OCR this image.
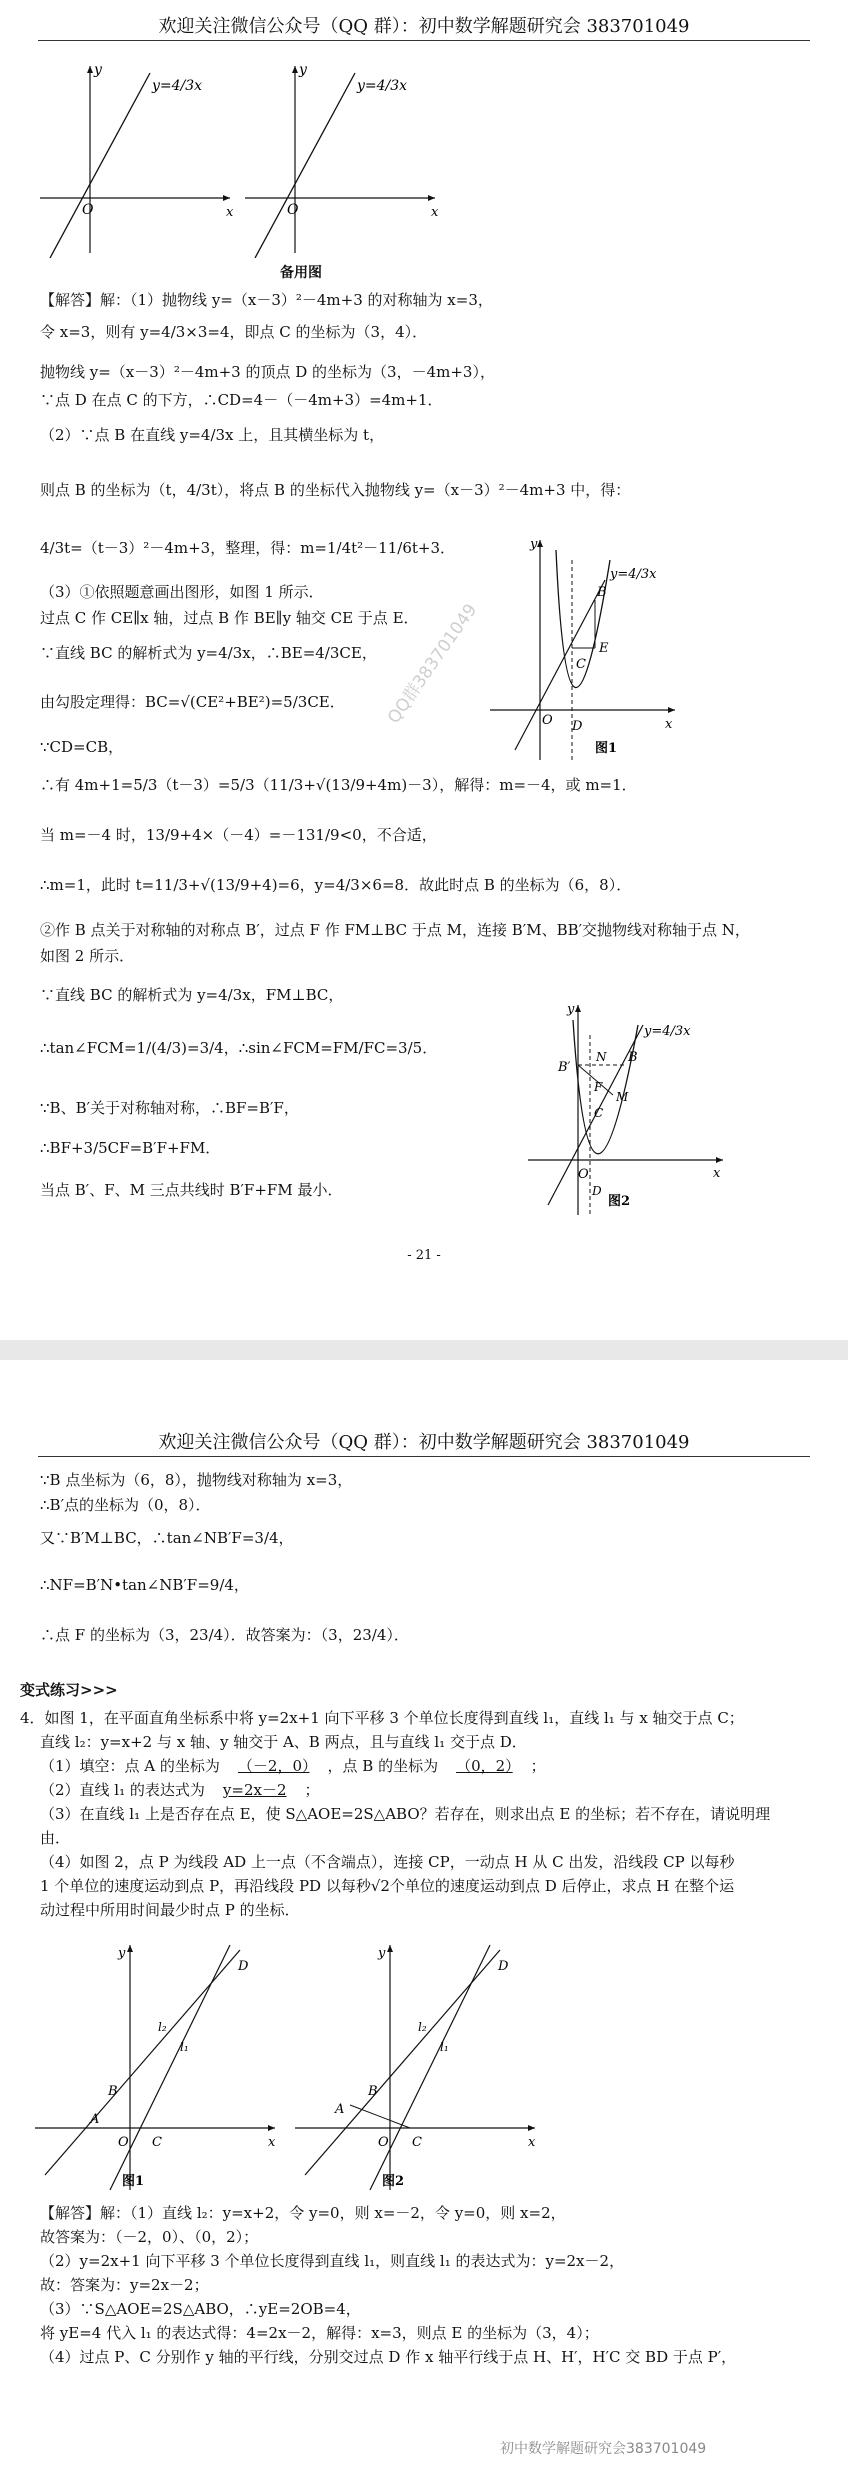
欢迎关注微信公众号（QQ 群）：初中数学解题研究会 383701049
y
O	x
y=4/3x
y
O	x
y=4/3x
备用图
【解答】解：（1）抛物线 y=（x－3）²－4m+3 的对称轴为 x=3，
令 x=3，则有 y=4/3×3=4，即点 C 的坐标为（3，4）．
抛物线 y=（x－3）²－4m+3 的顶点 D 的坐标为（3，－4m+3），
∵点 D 在点 C 的下方，∴CD=4－（－4m+3）=4m+1．
（2）∵点 B 在直线 y=4/3x 上，且其横坐标为 t，
则点 B 的坐标为（t，4/3t），将点 B 的坐标代入抛物线 y=（x－3）²－4m+3 中，得：
4/3t=（t－3）²－4m+3，整理，得：m=1/4t²－11/6t+3．
（3）①依照题意画出图形，如图 1 所示．
过点 C 作 CE∥x 轴，过点 B 作 BE∥y 轴交 CE 于点 E．
∵直线 BC 的解析式为 y=4/3x，∴BE=4/3CE，
由勾股定理得：BC=√(CE²+BE²)=5/3CE．
∵CD=CB，
∴有 4m+1=5/3（t－3）=5/3（11/3+√(13/9+4m)－3），解得：m=－4，或 m=1．
当 m=－4 时，13/9+4×（－4）=－131/9<0，不合适，
∴m=1，此时 t=11/3+√(13/9+4)=6，y=4/3×6=8．故此时点 B 的坐标为（6，8）．
②作 B 点关于对称轴的对称点 B′，过点 F 作 FM⊥BC 于点 M，连接 B′M、BB′交抛物线对称轴于点 N，
如图 2 所示．
∵直线 BC 的解析式为 y=4/3x，FM⊥BC，
∴tan∠FCM=1/(4/3)=3/4，∴sin∠FCM=FM/FC=3/5．
∵B、B′关于对称轴对称，∴BF=B′F，
∴BF+3/5CF=B′F+FM．
当点 B′、F、M 三点共线时 B′F+FM 最小．
y
x
O
C
E
B
D
y=4/3x
图1
y
x
O
B′
N B
M
F
C
D
y=4/3x
图2
QQ群383701049
- 21 -
欢迎关注微信公众号（QQ 群）：初中数学解题研究会 383701049
∵B 点坐标为（6，8），抛物线对称轴为 x=3，
∴B′点的坐标为（0，8）．
又∵B′M⊥BC，∴tan∠NB′F=3/4，
∴NF=B′N•tan∠NB′F=9/4，
∴点 F 的坐标为（3，23/4）．故答案为：（3，23/4）．
变式练习>>>
4．如图 1，在平面直角坐标系中将 y=2x+1 向下平移 3 个单位长度得到直线 l₁，直线 l₁ 与 x 轴交于点 C；
直线 l₂：y=x+2 与 x 轴、y 轴交于 A、B 两点，且与直线 l₁ 交于点 D．
（1）填空：点 A 的坐标为 （－2，0） ，点 B 的坐标为 （0，2） ；
（2）直线 l₁ 的表达式为 y=2x－2 ；
（3）在直线 l₁ 上是否存在点 E，使 S△AOE=2S△ABO？若存在，则求出点 E 的坐标；若不存在，请说明理
由．
（4）如图 2，点 P 为线段 AD 上一点（不含端点），连接 CP，一动点 H 从 C 出发，沿线段 CP 以每秒
1 个单位的速度运动到点 P，再沿线段 PD 以每秒√2个单位的速度运动到点 D 后停止，求点 H 在整个运
动过程中所用时间最少时点 P 的坐标．
y
x
O
A
B
C
D
l₂
l₁
图1
y
x
O
A
B
C
D
l₂
l₁
图2
【解答】解：（1）直线 l₂：y=x+2，令 y=0，则 x=－2，令 y=0，则 x=2，
故答案为：（－2，0）、（0，2）；
（2）y=2x+1 向下平移 3 个单位长度得到直线 l₁，则直线 l₁ 的表达式为：y=2x－2，
故：答案为：y=2x－2；
（3）∵S△AOE=2S△ABO，∴yE=2OB=4，
将 yE=4 代入 l₁ 的表达式得：4=2x－2，解得：x=3，则点 E 的坐标为（3，4）；
（4）过点 P、C 分别作 y 轴的平行线，分别交过点 D 作 x 轴平行线于点 H、H′，H′C 交 BD 于点 P′，
初中数学解题研究会383701049
